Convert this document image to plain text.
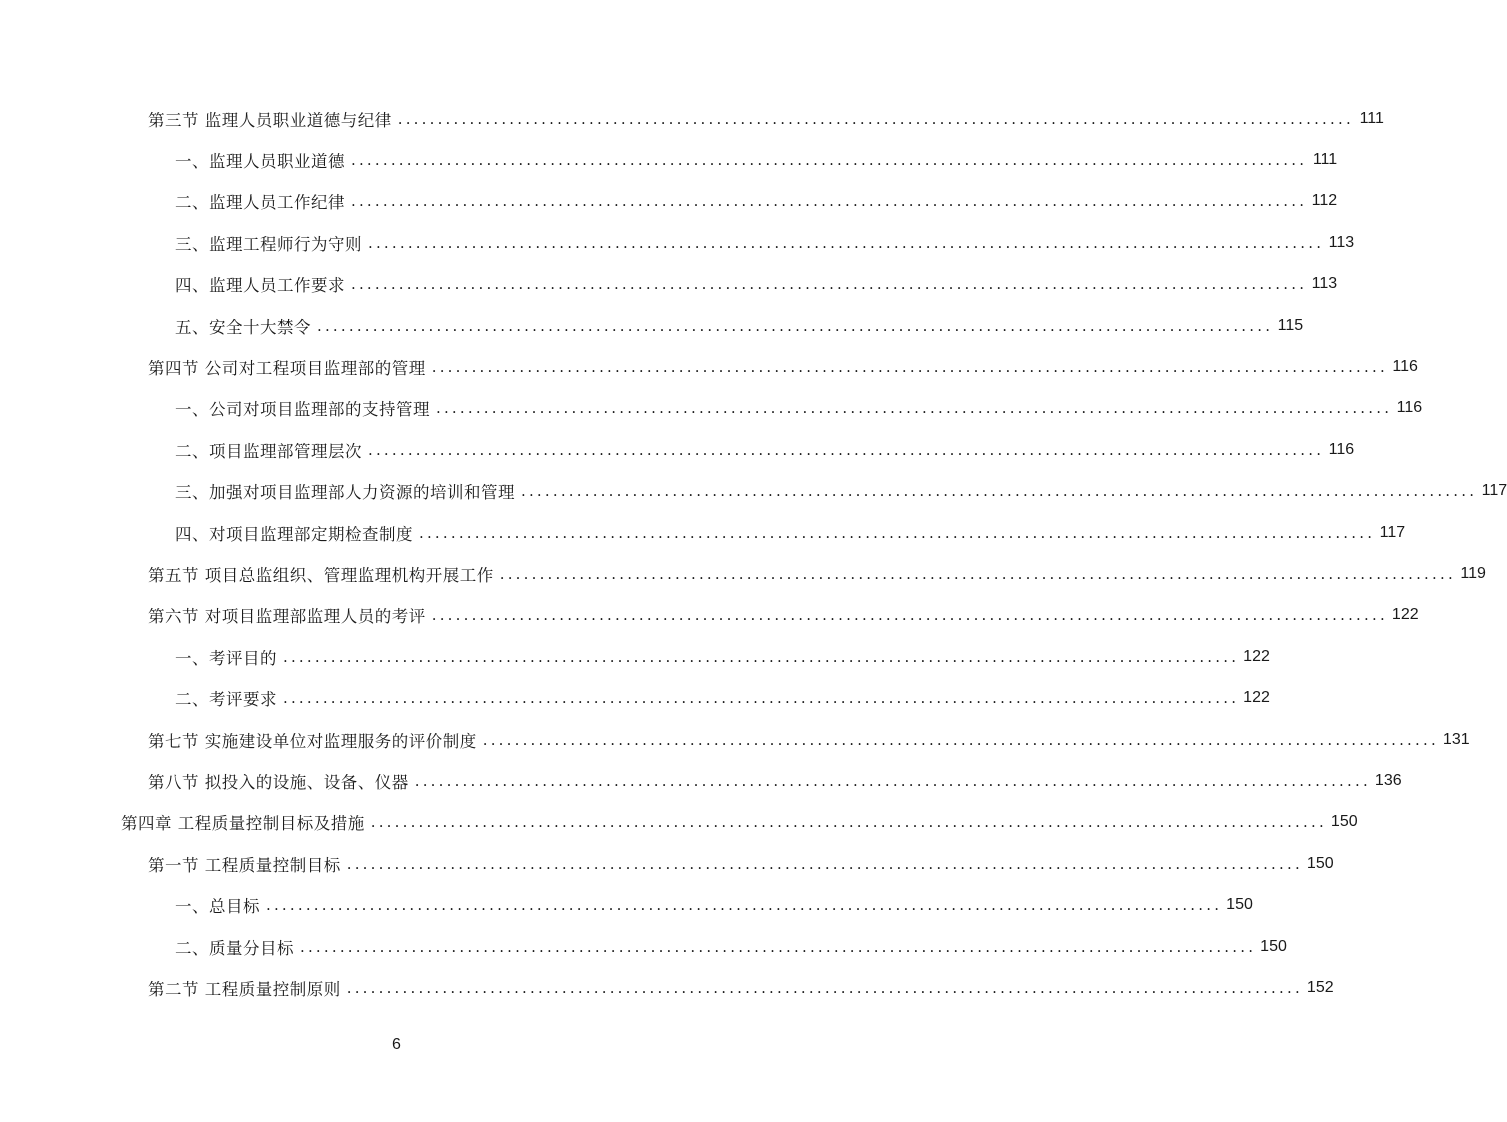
第三节 监理人员职业道德与纪律 ........................................................................................................................ 111
一、监理人员职业道德 ........................................................................................................................ 111
二、监理人员工作纪律 ........................................................................................................................ 112
三、监理工程师行为守则 ........................................................................................................................ 113
四、监理人员工作要求 ........................................................................................................................ 113
五、安全十大禁令 ........................................................................................................................ 115
第四节 公司对工程项目监理部的管理 ........................................................................................................................ 116
一、公司对项目监理部的支持管理 ........................................................................................................................ 116
二、项目监理部管理层次 ........................................................................................................................ 116
三、加强对项目监理部人力资源的培训和管理 ........................................................................................................................ 117
四、对项目监理部定期检查制度 ........................................................................................................................ 117
第五节 项目总监组织、管理监理机构开展工作 ........................................................................................................................ 119
第六节 对项目监理部监理人员的考评 ........................................................................................................................ 122
一、考评目的 ........................................................................................................................ 122
二、考评要求 ........................................................................................................................ 122
第七节 实施建设单位对监理服务的评价制度 ........................................................................................................................ 131
第八节 拟投入的设施、设备、仪器 ........................................................................................................................ 136
第四章 工程质量控制目标及措施 ........................................................................................................................ 150
第一节 工程质量控制目标 ........................................................................................................................ 150
一、总目标 ........................................................................................................................ 150
二、质量分目标 ........................................................................................................................ 150
第二节 工程质量控制原则 ........................................................................................................................ 152
6
